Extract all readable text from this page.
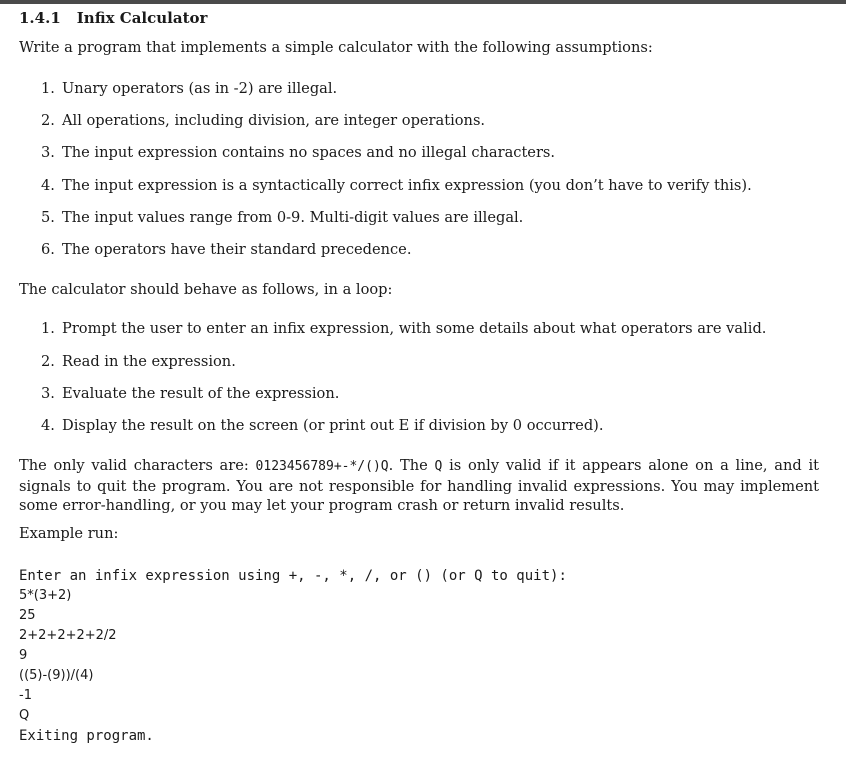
1.4.1 Infix Calculator

Write a program that implements a simple calculator with the following assumptions:

1. Unary operators (as in -2) are illegal.

2. All operations, including division, are integer operations.

3. The input expression contains no spaces and no illegal characters.

4. The input expression is a syntactically correct infix expression (you don’t have to verify this).

5. The input values range from 0-9. Multi-digit values are illegal.

6. The operators have their standard precedence.

The calculator should behave as follows, in a loop:

1. Prompt the user to enter an infix expression, with some details about what operators are valid.

2. Read in the expression.

3. Evaluate the result of the expression.

4. Display the result on the screen (or print out E if division by 0 occurred).

The only valid characters are: 0123456789+-*/()Q. The Q is only valid if it appears alone on a line, and it signals to quit the program. You are not responsible for handling invalid expressions. You may implement some error-handling, or you may let your program crash or return invalid results.

Example run:

Enter an infix expression using +, -, *, /, or () (or Q to quit):

5*(3+2)

25

2+2+2+2+2/2

9

((5)-(9))/(4)

-1

Q

Exiting program.
